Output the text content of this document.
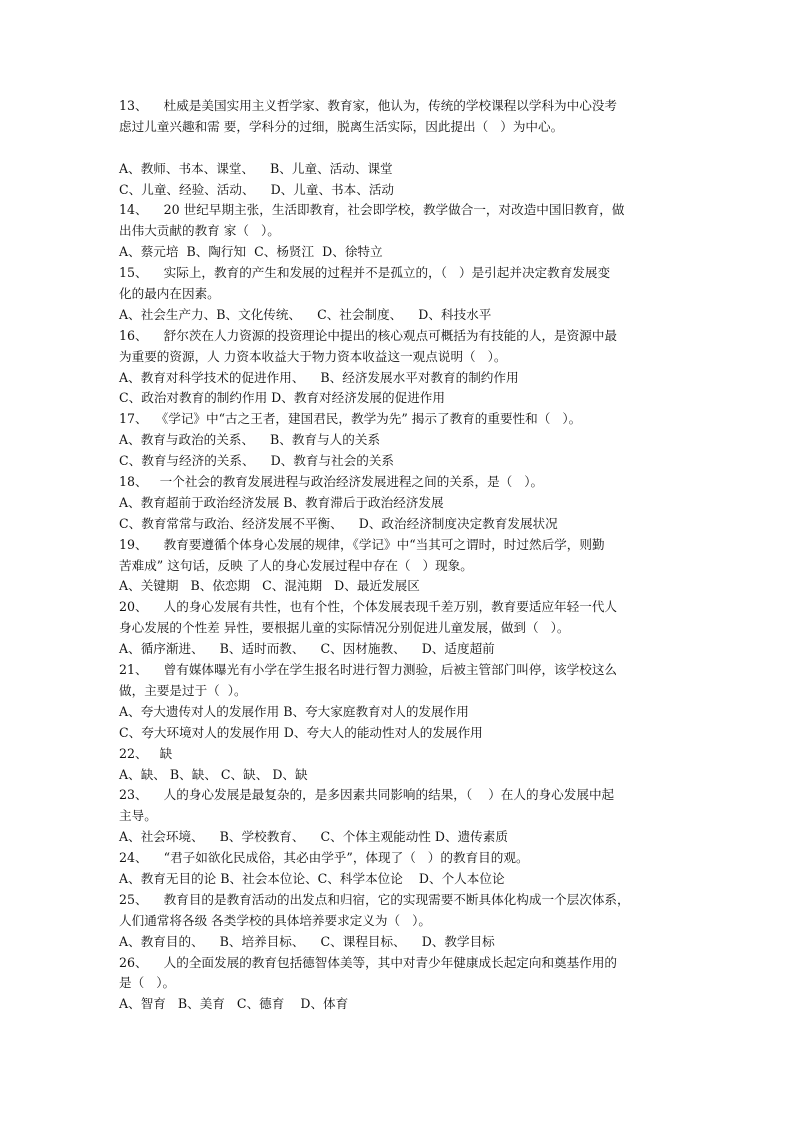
13、    杜威是美国实用主义哲学家、教育家，他认为，传统的学校课程以学科为中心没考
虑过儿童兴趣和需 要，学科分的过细，脱离生活实际，因此提出（   ）为中心。
A、教师、书本、课堂、    B、儿童、活动、课堂
C、儿童、经验、活动、    D、儿童、书本、活动
14、    20 世纪早期主张，生活即教育，社会即学校，教学做合一，对改造中国旧教育，做
出伟大贡献的教育 家（   ）。
A、蔡元培  B、陶行知  C、杨贤江  D、徐特立
15、    实际上，教育的产生和发展的过程并不是孤立的，（   ）是引起并决定教育发展变
化的最内在因素。
A、社会生产力、B、文化传统、    C、社会制度、    D、科技水平
16、    舒尔茨在人力资源的投资理论中提出的核心观点可概括为有技能的人，是资源中最
为重要的资源，人 力资本收益大于物力资本收益这一观点说明（   ）。
A、教育对科学技术的促进作用、    B、经济发展水平对教育的制约作用
C、政治对教育的制约作用 D、教育对经济发展的促进作用
17、  《学记》中“古之王者，建国君民，教学为先” 揭示了教育的重要性和（   ）。
A、教育与政治的关系、    B、教育与人的关系
C、教育与经济的关系、    D、教育与社会的关系
18、   一个社会的教育发展进程与政治经济发展进程之间的关系，是（   ）。
A、教育超前于政治经济发展 B、教育滞后于政治经济发展
C、教育常常与政治、经济发展不平衡、    D、政治经济制度决定教育发展状况
19、    教育要遵循个体身心发展的规律，《学记》中“当其可之谓时，时过然后学，则勤
苦难成” 这句话，反映 了人的身心发展过程中存在（   ）现象。
A、关键期   B、依恋期   C、混沌期   D、最近发展区
20、    人的身心发展有共性，也有个性，个体发展表现千差万别，教育要适应年轻一代人
身心发展的个性差 异性，要根据儿童的实际情况分别促进儿童发展，做到（   ）。
A、循序渐进、    B、适时而教、    C、因材施教、    D、适度超前
21、    曾有媒体曝光有小学在学生报名时进行智力测验，后被主管部门叫停，该学校这么
做，主要是过于（  ）。
A、夸大遗传对人的发展作用 B、夸大家庭教育对人的发展作用
C、夸大环境对人的发展作用 D、夸大人的能动性对人的发展作用
22、   缺
A、缺、 B、缺、 C、缺、 D、缺
23、    人的身心发展是最复杂的，是多因素共同影响的结果，（    ）在人的身心发展中起
主导。
A、社会环境、    B、学校教育、    C、个体主观能动性 D、遗传素质
24、    “君子如欲化民成俗，其必由学乎”，体现了（   ）的教育目的观。
A、教育无目的论 B、社会本位论、C、科学本位论    D、个人本位论
25、    教育目的是教育活动的出发点和归宿，它的实现需要不断具体化构成一个层次体系，
人们通常将各级 各类学校的具体培养要求定义为（   ）。
A、教育目的、    B、培养目标、    C、课程目标、    D、教学目标
26、    人的全面发展的教育包括德智体美等，其中对青少年健康成长起定向和奠基作用的
是（   ）。
A、智育   B、美育   C、德育    D、体育
